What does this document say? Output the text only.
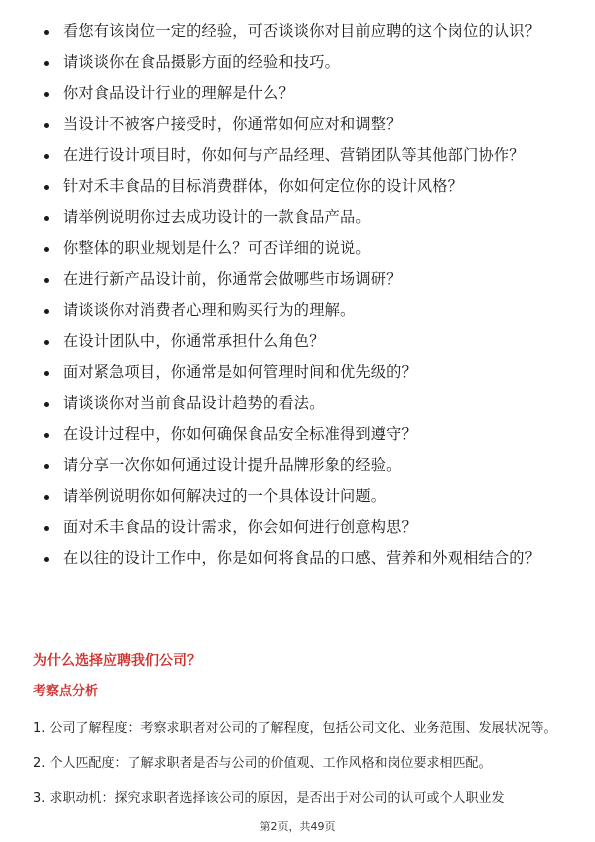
看您有该岗位一定的经验，可否谈谈你对目前应聘的这个岗位的认识？
请谈谈你在食品摄影方面的经验和技巧。
你对食品设计行业的理解是什么？
当设计不被客户接受时，你通常如何应对和调整？
在进行设计项目时，你如何与产品经理、营销团队等其他部门协作？
针对禾丰食品的目标消费群体，你如何定位你的设计风格？
请举例说明你过去成功设计的一款食品产品。
你整体的职业规划是什么？可否详细的说说。
在进行新产品设计前，你通常会做哪些市场调研？
请谈谈你对消费者心理和购买行为的理解。
在设计团队中，你通常承担什么角色？
面对紧急项目，你通常是如何管理时间和优先级的？
请谈谈你对当前食品设计趋势的看法。
在设计过程中，你如何确保食品安全标准得到遵守？
请分享一次你如何通过设计提升品牌形象的经验。
请举例说明你如何解决过的一个具体设计问题。
面对禾丰食品的设计需求，你会如何进行创意构思？
在以往的设计工作中，你是如何将食品的口感、营养和外观相结合的？
为什么选择应聘我们公司？
考察点分析

1. 公司了解程度：考察求职者对公司的了解程度，包括公司文化、业务范围、发展状况等。

2. 个人匹配度：了解求职者是否与公司的价值观、工作风格和岗位要求相匹配。

3. 求职动机：探究求职者选择该公司的原因，是否出于对公司的认可或个人职业发

第2页，共49页
